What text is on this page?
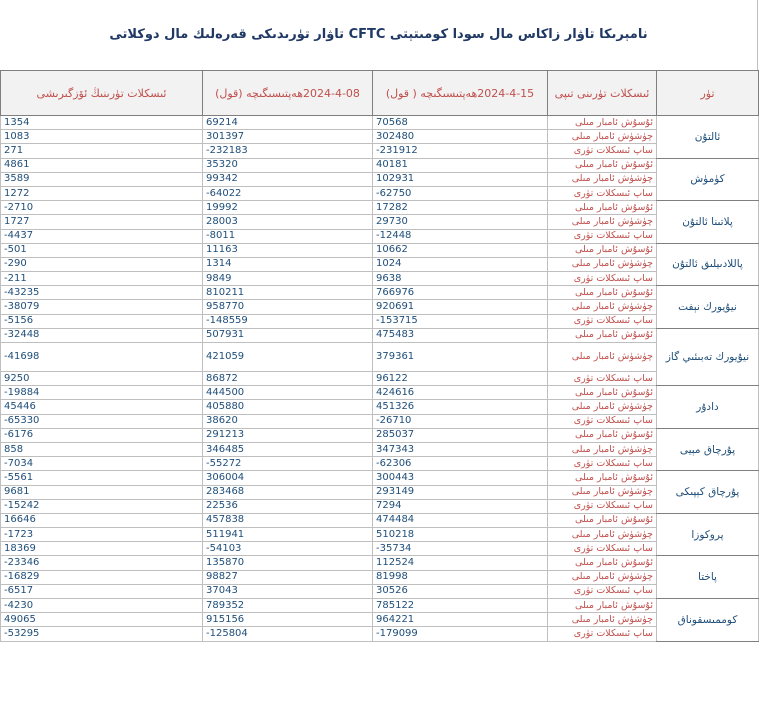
نامېرىكا تاۋار زاكاس مال سودا كومىتېتى CFTC تاۋار تۈرىدىكى قەرەلىك مال دوكلاتى
تۈر	ئىسكلات تۈرىنى تىپى	2024-4-15ھەپتىسىگىچە ( قول)	2024-4-08ھەپتىسىگىچە (قول)	ئىسكلات تۈرىنىڭ ئۆزگىرىشى
ئالتۇن	ئۇسۇش ئامبار مىلى	70568	69214	1354
	چۈشۈش ئامبار مىلى	302480	301397	1083
	ساپ ئىسكلات تۈرى	-231912	-232183	271
كۈمۈش	ئۇسۇش ئامبار مىلى	40181	35320	4861
	چۈشۈش ئامبار مىلى	102931	99342	3589
	ساپ ئىسكلات تۈرى	-62750	-64022	1272
پلاتىنا ئالتۇن	ئۇسۇش ئامبار مىلى	17282	19992	-2710
	چۈشۈش ئامبار مىلى	29730	28003	1727
	ساپ ئىسكلات تۈرى	-12448	-8011	-4437
پاللادىيلىق ئالتۇن	ئۇسۇش ئامبار مىلى	10662	11163	-501
	چۈشۈش ئامبار مىلى	1024	1314	-290
	ساپ ئىسكلات تۈرى	9638	9849	-211
نيۇيورك نېفت	ئۇسۇش ئامبار مىلى	766976	810211	-43235
	چۈشۈش ئامبار مىلى	920691	958770	-38079
	ساپ ئىسكلات تۈرى	-153715	-148559	-5156
نيۇيورك تەبىئىي گاز	ئۇسۇش ئامبار مىلى	475483	507931	-32448
	چۈشۈش ئامبار مىلى	379361	421059	-41698
	ساپ ئىسكلات تۈرى	96122	86872	9250
دادۇر	ئۇسۇش ئامبار مىلى	424616	444500	-19884
	چۈشۈش ئامبار مىلى	451326	405880	45446
	ساپ ئىسكلات تۈرى	-26710	38620	-65330
پۇرچاق مېيى	ئۇسۇش ئامبار مىلى	285037	291213	-6176
	چۈشۈش ئامبار مىلى	347343	346485	858
	ساپ ئىسكلات تۈرى	-62306	-55272	-7034
پۇرچاق كېپىكى	ئۇسۇش ئامبار مىلى	300443	306004	-5561
	چۈشۈش ئامبار مىلى	293149	283468	9681
	ساپ ئىسكلات تۈرى	7294	22536	-15242
پروكوزا	ئۇسۇش ئامبار مىلى	474484	457838	16646
	چۈشۈش ئامبار مىلى	510218	511941	-1723
	ساپ ئىسكلات تۈرى	-35734	-54103	18369
پاختا	ئۇسۇش ئامبار مىلى	112524	135870	-23346
	چۈشۈش ئامبار مىلى	81998	98827	-16829
	ساپ ئىسكلات تۈرى	30526	37043	-6517
كوممىسقوناق	ئۇسۇش ئامبار مىلى	785122	789352	-4230
	چۈشۈش ئامبار مىلى	964221	915156	49065
	ساپ ئىسكلات تۈرى	-179099	-125804	-53295
